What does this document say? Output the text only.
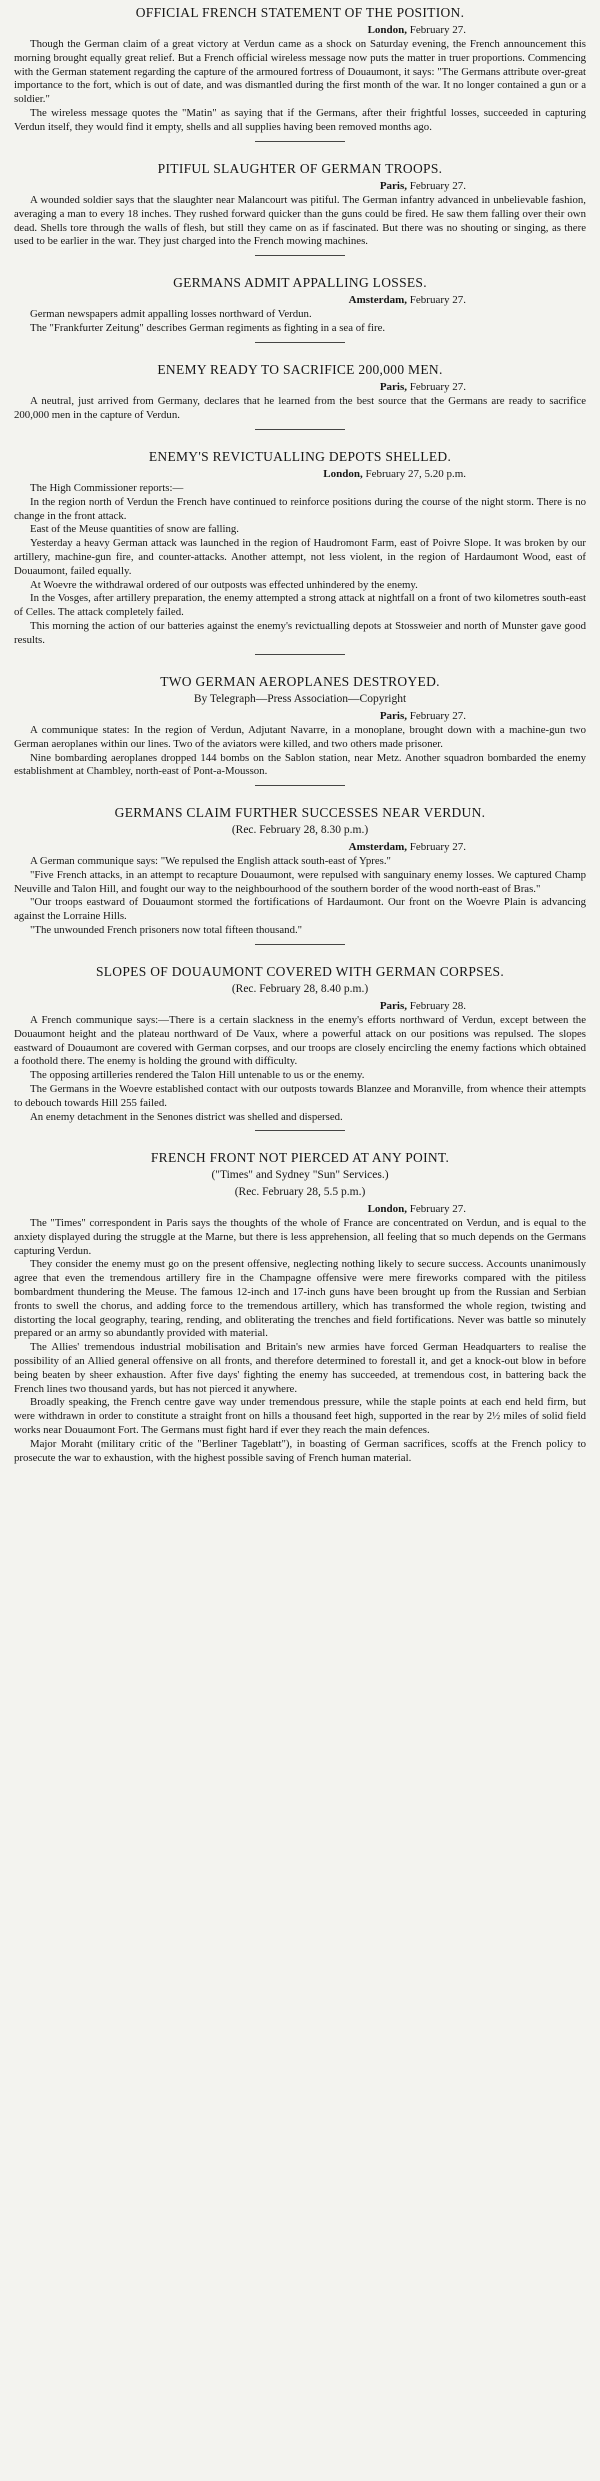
OFFICIAL FRENCH STATEMENT OF THE POSITION.
London, February 27.

Though the German claim of a great victory at Verdun came as a shock on Saturday evening, the French announcement this morning brought equally great relief. But a French official wireless message now puts the matter in truer proportions. Commencing with the German statement regarding the capture of the armoured fortress of Douaumont, it says: "The Germans attribute over-great importance to the fort, which is out of date, and was dismantled during the first month of the war. It no longer contained a gun or a soldier."

The wireless message quotes the "Matin" as saying that if the Germans, after their frightful losses, succeeded in capturing Verdun itself, they would find it empty, shells and all supplies having been removed months ago.

PITIFUL SLAUGHTER OF GERMAN TROOPS.
Paris, February 27.

A wounded soldier says that the slaughter near Malancourt was pitiful. The German infantry advanced in unbelievable fashion, averaging a man to every 18 inches. They rushed forward quicker than the guns could be fired. He saw them falling over their own dead. Shells tore through the walls of flesh, but still they came on as if fascinated. But there was no shouting or singing, as there used to be earlier in the war. They just charged into the French mowing machines.

GERMANS ADMIT APPALLING LOSSES.
Amsterdam, February 27.

German newspapers admit appalling losses northward of Verdun.

The "Frankfurter Zeitung" describes German regiments as fighting in a sea of fire.

ENEMY READY TO SACRIFICE 200,000 MEN.
Paris, February 27.

A neutral, just arrived from Germany, declares that he learned from the best source that the Germans are ready to sacrifice 200,000 men in the capture of Verdun.

ENEMY'S REVICTUALLING DEPOTS SHELLED.
London, February 27, 5.20 p.m.

The High Commissioner reports:—

In the region north of Verdun the French have continued to reinforce positions during the course of the night storm. There is no change in the front attack.

East of the Meuse quantities of snow are falling.

Yesterday a heavy German attack was launched in the region of Haudromont Farm, east of Poivre Slope. It was broken by our artillery, machine-gun fire, and counter-attacks. Another attempt, not less violent, in the region of Hardaumont Wood, east of Douaumont, failed equally.

At Woevre the withdrawal ordered of our outposts was effected unhindered by the enemy.

In the Vosges, after artillery preparation, the enemy attempted a strong attack at nightfall on a front of two kilometres south-east of Celles. The attack completely failed.

This morning the action of our batteries against the enemy's revictualling depots at Stossweier and north of Munster gave good results.

TWO GERMAN AEROPLANES DESTROYED.
By Telegraph—Press Association—Copyright
Paris, February 27.

A communique states: In the region of Verdun, Adjutant Navarre, in a monoplane, brought down with a machine-gun two German aeroplanes within our lines. Two of the aviators were killed, and two others made prisoner.

Nine bombarding aeroplanes dropped 144 bombs on the Sablon station, near Metz. Another squadron bombarded the enemy establishment at Chambley, north-east of Pont-a-Mousson.

GERMANS CLAIM FURTHER SUCCESSES NEAR VERDUN.
(Rec. February 28, 8.30 p.m.)
Amsterdam, February 27.

A German communique says: "We repulsed the English attack south-east of Ypres."

"Five French attacks, in an attempt to recapture Douaumont, were repulsed with sanguinary enemy losses. We captured Champ Neuville and Talon Hill, and fought our way to the neighbourhood of the southern border of the wood north-east of Bras."

"Our troops eastward of Douaumont stormed the fortifications of Hardaumont. Our front on the Woevre Plain is advancing against the Lorraine Hills.

"The unwounded French prisoners now total fifteen thousand."

SLOPES OF DOUAUMONT COVERED WITH GERMAN CORPSES.
(Rec. February 28, 8.40 p.m.)
Paris, February 28.

A French communique says:—There is a certain slackness in the enemy's efforts northward of Verdun, except between the Douaumont height and the plateau northward of De Vaux, where a powerful attack on our positions was repulsed. The slopes eastward of Douaumont are covered with German corpses, and our troops are closely encircling the enemy factions which obtained a foothold there. The enemy is holding the ground with difficulty.

The opposing artilleries rendered the Talon Hill untenable to us or the enemy.

The Germans in the Woevre established contact with our outposts towards Blanzee and Moranville, from whence their attempts to debouch towards Hill 255 failed.

An enemy detachment in the Senones district was shelled and dispersed.

FRENCH FRONT NOT PIERCED AT ANY POINT.
("Times" and Sydney "Sun" Services.)
(Rec. February 28, 5.5 p.m.)
London, February 27.

The "Times" correspondent in Paris says the thoughts of the whole of France are concentrated on Verdun, and is equal to the anxiety displayed during the struggle at the Marne, but there is less apprehension, all feeling that so much depends on the Germans capturing Verdun.

They consider the enemy must go on the present offensive, neglecting nothing likely to secure success. Accounts unanimously agree that even the tremendous artillery fire in the Champagne offensive were mere fireworks compared with the pitiless bombardment thundering the Meuse. The famous 12-inch and 17-inch guns have been brought up from the Russian and Serbian fronts to swell the chorus, and adding force to the tremendous artillery, which has transformed the whole region, twisting and distorting the local geography, tearing, rending, and obliterating the trenches and field fortifications. Never was battle so minutely prepared or an army so abundantly provided with material.

The Allies' tremendous industrial mobilisation and Britain's new armies have forced German Headquarters to realise the possibility of an Allied general offensive on all fronts, and therefore determined to forestall it, and get a knock-out blow in before being beaten by sheer exhaustion. After five days' fighting the enemy has succeeded, at tremendous cost, in battering back the French lines two thousand yards, but has not pierced it anywhere.

Broadly speaking, the French centre gave way under tremendous pressure, while the staple points at each end held firm, but were withdrawn in order to constitute a straight front on hills a thousand feet high, supported in the rear by 2½ miles of solid field works near Douaumont Fort. The Germans must fight hard if ever they reach the main defences.

Major Moraht (military critic of the "Berliner Tageblatt"), in boasting of German sacrifices, scoffs at the French policy to prosecute the war to exhaustion, with the highest possible saving of French human material.
